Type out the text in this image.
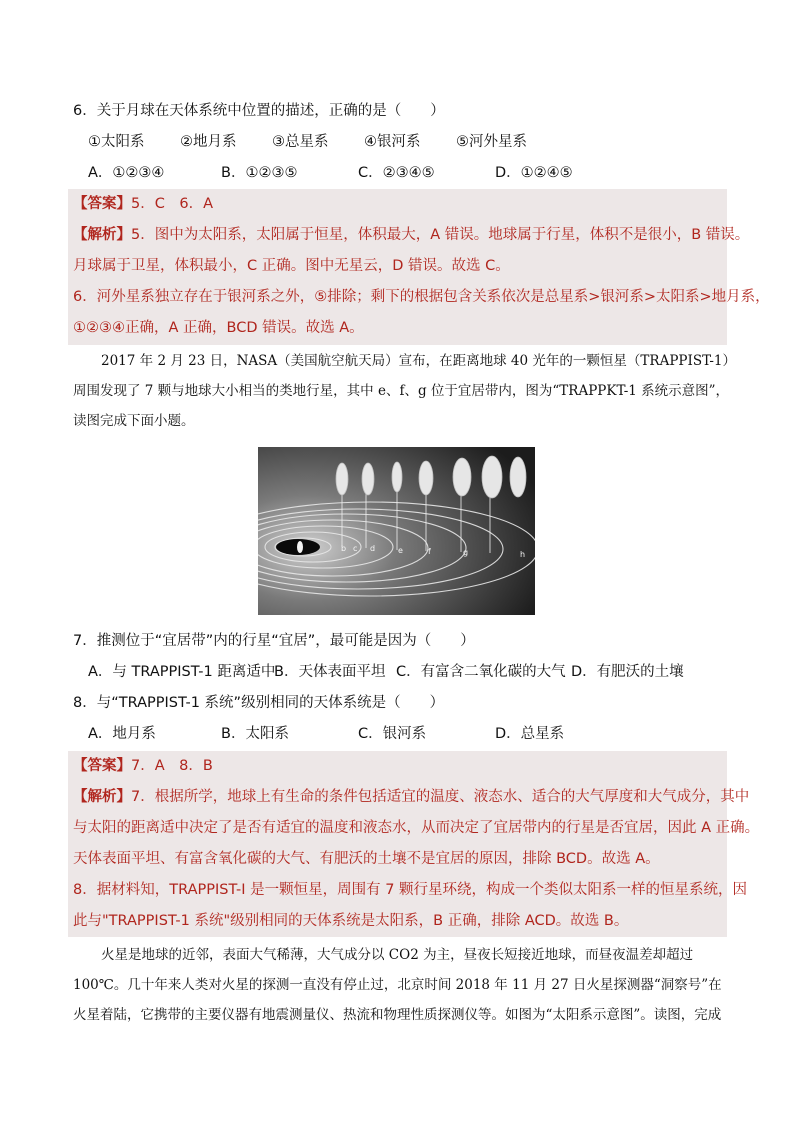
6．关于月球在天体系统中位置的描述，正确的是（　　）
①太阳系 ②地月系 ③总星系 ④银河系 ⑤河外星系
A．①②③④	B．①②③⑤	C．②③④⑤	D．①②④⑤
【答案】5．C　6．A
【解析】5．图中为太阳系，太阳属于恒星，体积最大，A 错误。地球属于行星，体积不是很小，B 错误。
月球属于卫星，体积最小，C 正确。图中无星云，D 错误。故选 C。
6．河外星系独立存在于银河系之外，⑤排除；剩下的根据包含关系依次是总星系>银河系>太阳系>地月系，
①②③④正确，A 正确，BCD 错误。故选 A。
2017 年 2 月 23 日，NASA（美国航空航天局）宣布，在距离地球 40 光年的一颗恒星（TRAPPIST-1）周围发现了 7 颗与地球大小相当的类地行星，其中 e、f、g 位于宜居带内，图为“TRAPPKT-1 系统示意图”，读图完成下面小题。
b c d	e	f	g	h
7．推测位于“宜居带”内的行星“宜居”，最可能是因为（　　）
A．与 TRAPPIST-1 距离适中B．天体表面平坦 C．有富含二氧化碳的大气 D．有肥沃的土壤
8．与“TRAPPIST-1 系统”级别相同的天体系统是（　　）
A．地月系	B．太阳系	C．银河系	D．总星系
【答案】7．A　8．B
【解析】7．根据所学，地球上有生命的条件包括适宜的温度、液态水、适合的大气厚度和大气成分，其中
与太阳的距离适中决定了是否有适宜的温度和液态水，从而决定了宜居带内的行星是否宜居，因此 A 正确。
天体表面平坦、有富含氧化碳的大气、有肥沃的土壤不是宜居的原因，排除 BCD。故选 A。
8．据材料知，TRAPPIST-I 是一颗恒星，周围有 7 颗行星环绕，构成一个类似太阳系一样的恒星系统，因
此与"TRAPPIST-1 系统"级别相同的天体系统是太阳系，B 正确，排除 ACD。故选 B。
火星是地球的近邻，表面大气稀薄，大气成分以 CO2 为主，昼夜长短接近地球，而昼夜温差却超过 100℃。几十年来人类对火星的探测一直没有停止过，北京时间 2018 年 11 月 27 日火星探测器“洞察号”在火星着陆，它携带的主要仪器有地震测量仪、热流和物理性质探测仪等。如图为“太阳系示意图”。读图，完成
